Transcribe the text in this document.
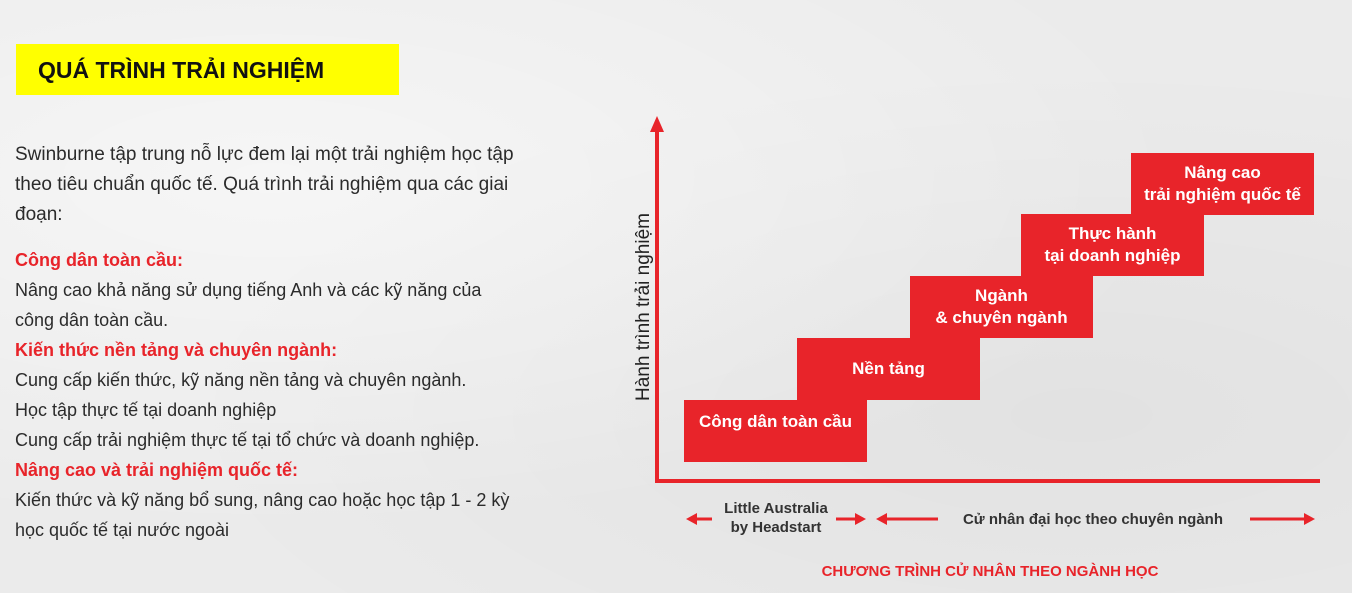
QUÁ TRÌNH TRẢI NGHIỆM
Swinburne tập trung nỗ lực đem lại một trải nghiệm học tập
theo tiêu chuẩn quốc tế. Quá trình trải nghiệm qua các giai
đoạn:
Công dân toàn cầu:
Nâng cao khả năng sử dụng tiếng Anh và các kỹ năng của
công dân toàn cầu.
Kiến thức nền tảng và chuyên ngành:
Cung cấp kiến thức, kỹ năng nền tảng và chuyên ngành.
Học tập thực tế tại doanh nghiệp
Cung cấp trải nghiệm thực tế tại tổ chức và doanh nghiệp.
Nâng cao và trải nghiệm quốc tế:
Kiến thức và kỹ năng bổ sung, nâng cao hoặc học tập 1 - 2 kỳ
học quốc tế tại nước ngoài
Hành trình trải nghiệm
Công dân toàn cầu
Nền tảng
Ngành
& chuyên ngành
Thực hành
tại doanh nghiệp
Nâng cao
trải nghiệm quốc tế
Little Australia
by Headstart	Cử nhân đại học theo chuyên ngành
CHƯƠNG TRÌNH CỬ NHÂN THEO NGÀNH HỌC
